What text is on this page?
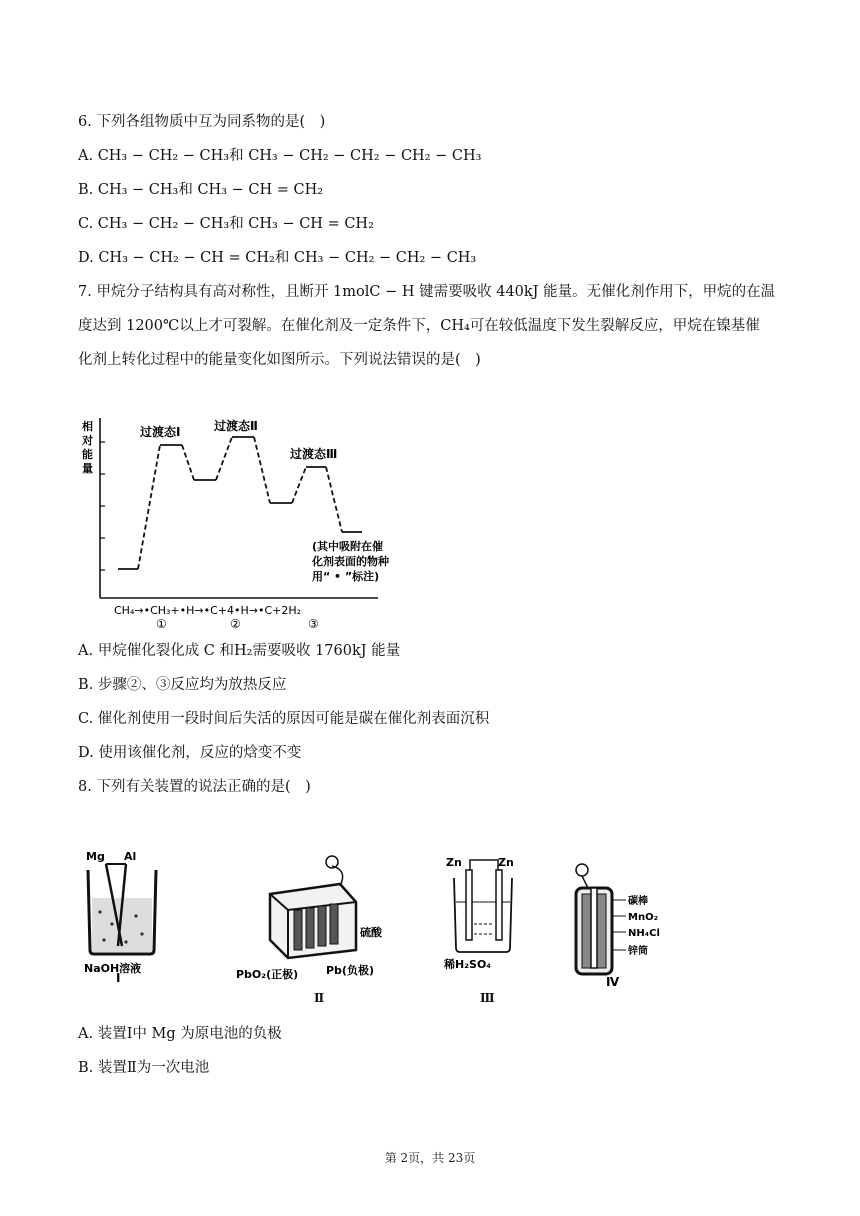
6. 下列各组物质中互为同系物的是(　)
A. CH₃ − CH₂ − CH₃和 CH₃ − CH₂ − CH₂ − CH₂ − CH₃
B. CH₃ − CH₃和 CH₃ − CH = CH₂
C. CH₃ − CH₂ − CH₃和 CH₃ − CH = CH₂
D. CH₃ − CH₂ − CH = CH₂和 CH₃ − CH₂ − CH₂ − CH₃
7. 甲烷分子结构具有高对称性，且断开 1molC − H 键需要吸收 440kJ 能量。无催化剂作用下，甲烷的在温
度达到 1200℃以上才可裂解。在催化剂及一定条件下，CH₄可在较低温度下发生裂解反应，甲烷在镍基催
化剂上转化过程中的能量变化如图所示。下列说法错误的是(　)
相
对
能
量
过渡态Ⅰ	过渡态Ⅱ
过渡态Ⅲ
(其中吸附在催
化剂表面的物种
用“ • ”标注)
CH₄→•CH₃+•H→•C+4•H→•C+2H₂
①	②	③
A. 甲烷催化裂化成 C 和H₂需要吸收 1760kJ 能量
B. 步骤②、③反应均为放热反应
C. 催化剂使用一段时间后失活的原因可能是碳在催化剂表面沉积
D. 使用该催化剂，反应的焓变不变
8. 下列有关装置的说法正确的是(　)
Mg Al
NaOH溶液
Ⅰ
硫酸
PbO₂(正极)	Pb(负极)
Ⅱ
Zn	Zn
稀H₂SO₄
Ⅲ
碳棒
MnO₂
NH₄Cl
锌筒
Ⅳ
A. 装置Ⅰ中 Mg 为原电池的负极
B. 装置Ⅱ为一次电池
第 2页，共 23页
